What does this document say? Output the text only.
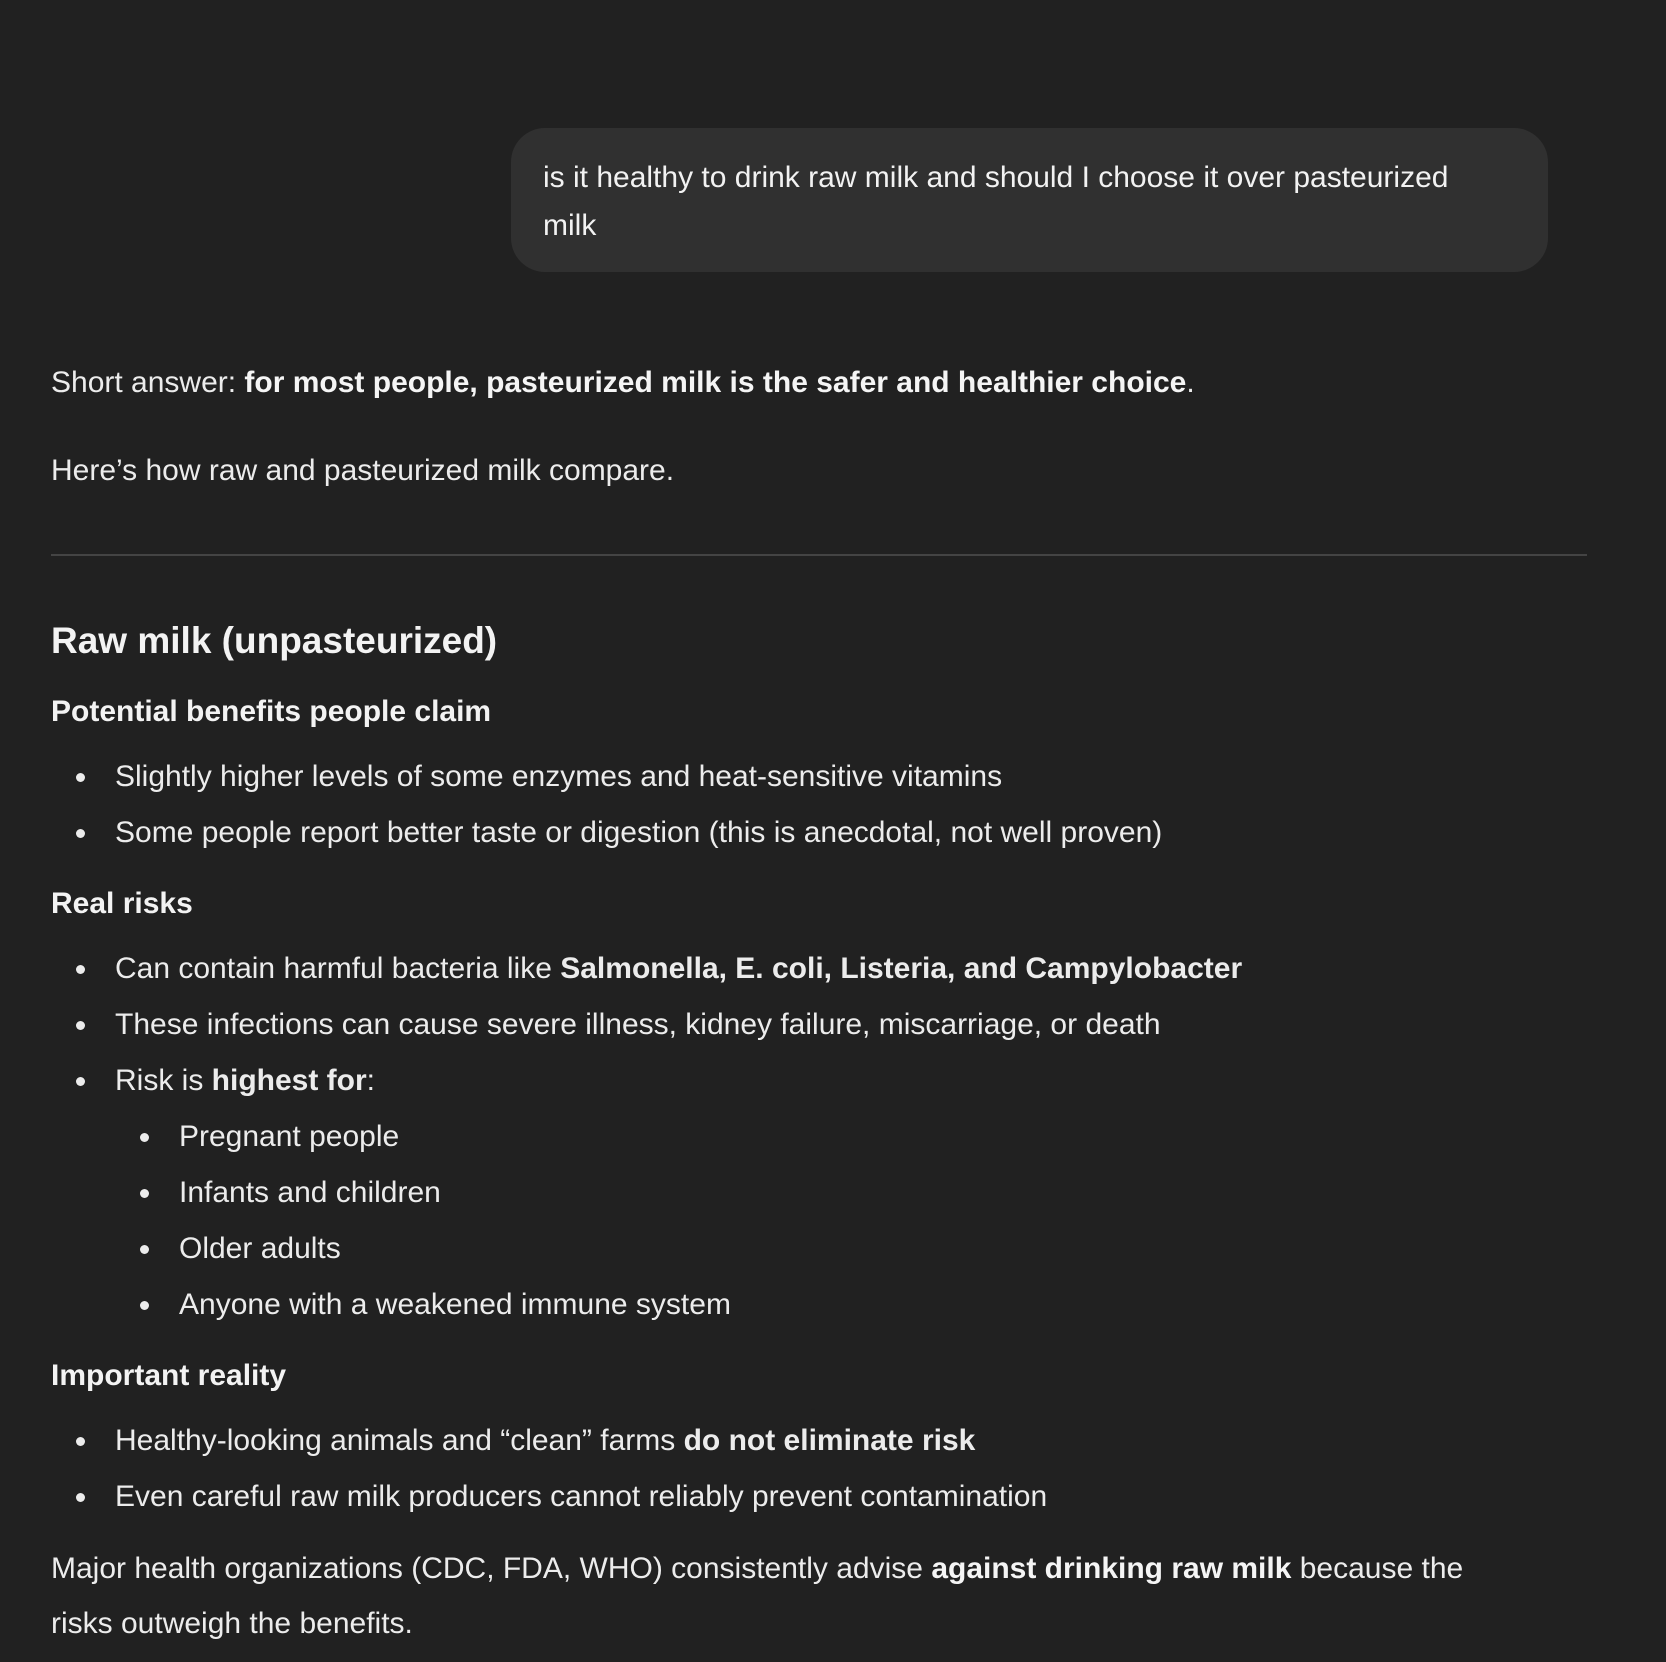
is it healthy to drink raw milk and should I choose it over pasteurized
milk
Short answer: for most people, pasteurized milk is the safer and healthier choice.
Here’s how raw and pasteurized milk compare.
Raw milk (unpasteurized)
Potential benefits people claim
Slightly higher levels of some enzymes and heat-sensitive vitamins
Some people report better taste or digestion (this is anecdotal, not well proven)
Real risks
Can contain harmful bacteria like Salmonella, E. coli, Listeria, and Campylobacter
These infections can cause severe illness, kidney failure, miscarriage, or death
Risk is highest for:
Pregnant people
Infants and children
Older adults
Anyone with a weakened immune system
Important reality
Healthy-looking animals and “clean” farms do not eliminate risk
Even careful raw milk producers cannot reliably prevent contamination
Major health organizations (CDC, FDA, WHO) consistently advise against drinking raw milk because the
risks outweigh the benefits.
